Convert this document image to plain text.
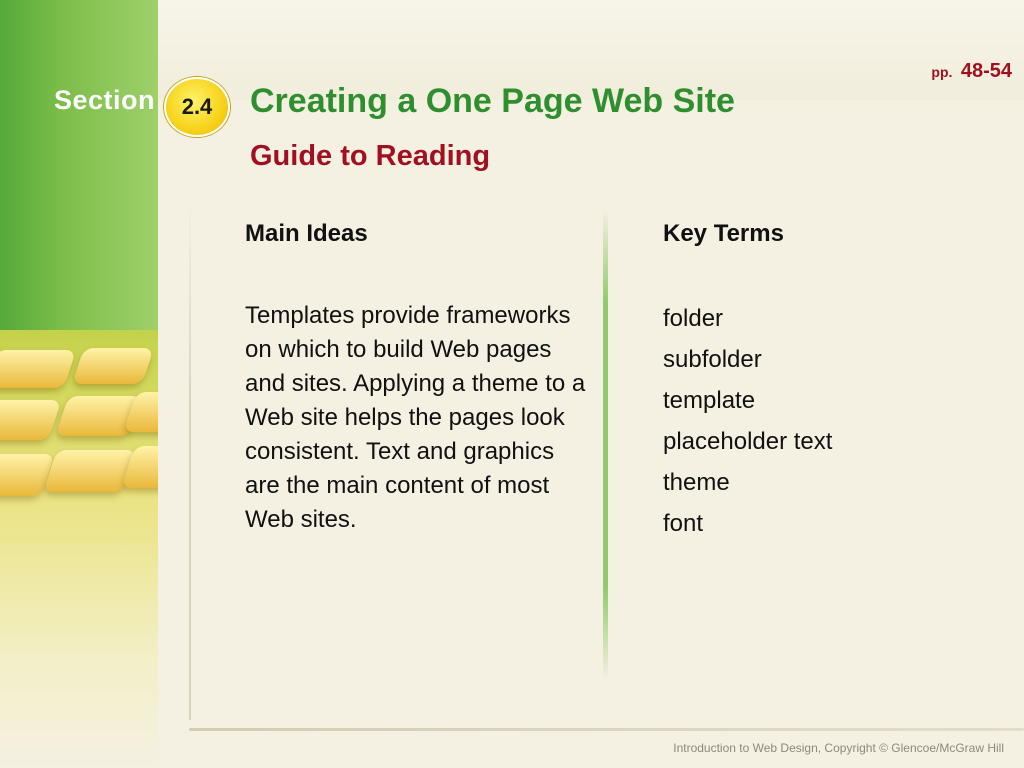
Section	2.4	Creating a One Page Web Site
Guide to Reading
pp. 48-54
Main Ideas
Templates provide frameworks on which to build Web pages and sites. Applying a theme to a Web site helps the pages look consistent. Text and graphics are the main content of most Web sites.
Key Terms
folder
subfolder
template
placeholder text
theme
font
Introduction to Web Design, Copyright © Glencoe/McGraw Hill
